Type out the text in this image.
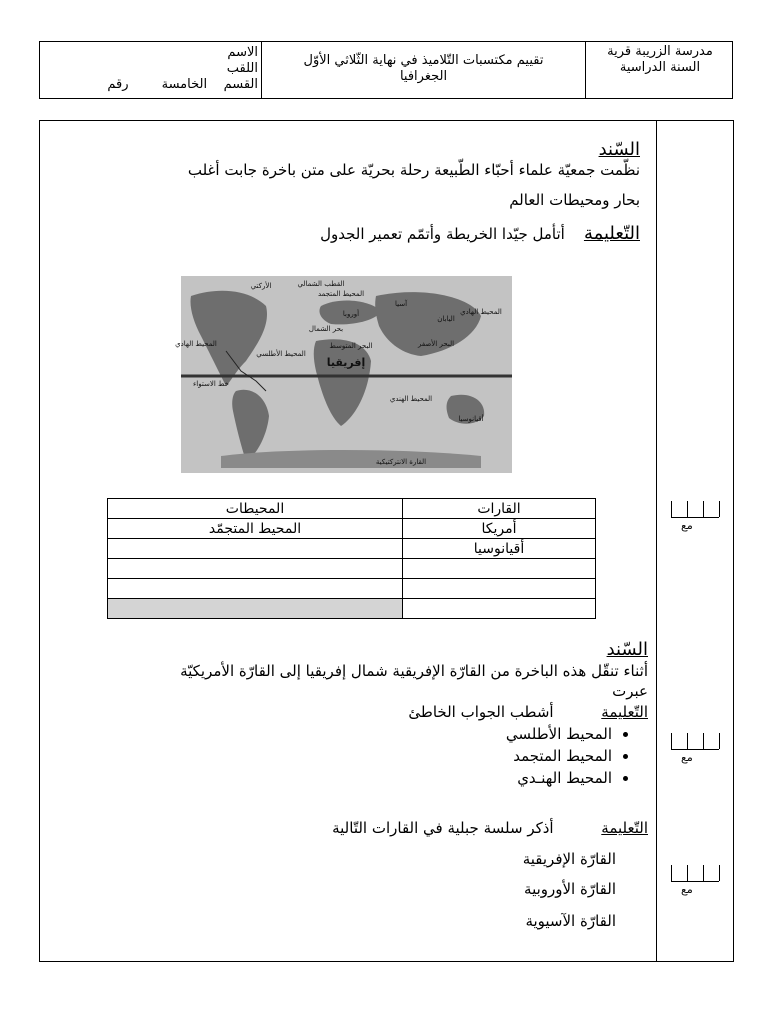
مدرسة الزريبة قرية
السنة الدراسية
تقييم مكتسبات التّلاميذ في نهاية الثّلاثي الأوّل
الجغرافيا
الاسم
اللقب
القسم    الخامسة        رقم
السّند
نظّمت جمعيّة علماء أحبّاء الطّبيعة رحلة بحريّة على متن باخرة جابت أغلب
بحار ومحيطات العالم
التّعليمة    أتأمل جيّدا الخريطة وأتمّم تعمير الجدول
القطب الشمالي
المحيط المتجمد
الأركتي
أوروبا
آسيا
بحر الشمال
اليابان
المحيط الهادي
المحيط الأطلسي
البحر المتوسط	البحر الأصفر
إفريقيا
المحيط الهادي
خط الاستواء
المحيط الهندي
أقيانوسيا
القارة الانتركتيكية
القارات	المحيطات
أمريكا	المحيط المتجمّد
أقيانوسيا	

السّند
أثناء تنقّل هذه الباخرة من القارّة الإفريقية شمال إفريقيا إلى القارّة الأمريكيّة
عبرت
التّعليمة          أشطب الجواب الخاطئ
• المحيط الأطلسي
• المحيط المتجمد
• المحيط الهنـدي
التّعليمة          أذكر سلسة جبلية في القارات التّالية
القارّة الإفريقية
القارّة الأوروبية
القارّة الآسيوية
مع
مع
مع
